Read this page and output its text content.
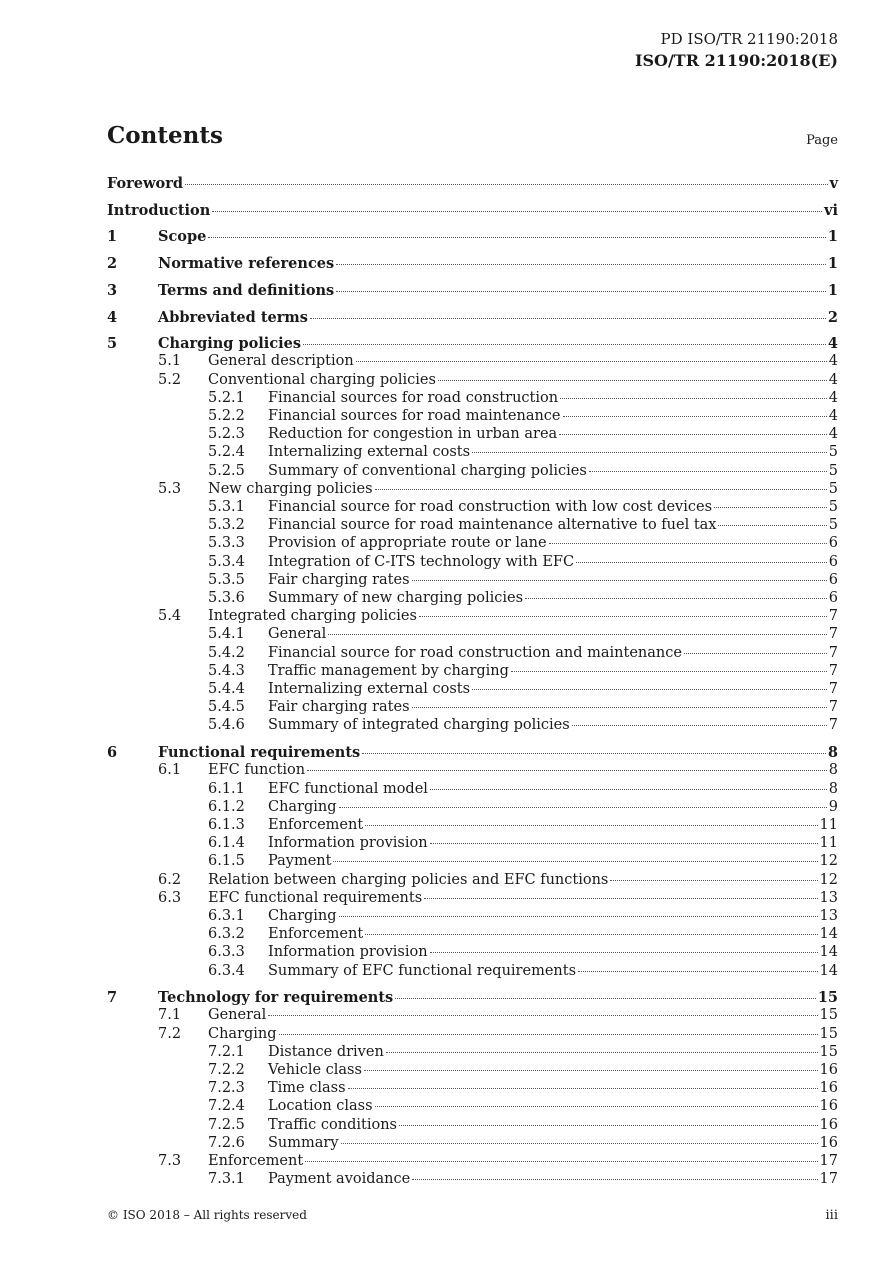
PD ISO/TR 21190:2018
ISO/TR 21190:2018(E)
Contents	Page
Foreword	v
Introduction	vi
1	Scope	1
2	Normative references	1
3	Terms and definitions	1
4	Abbreviated terms	2
5	Charging policies	4
5.1 General description	4
5.2 Conventional charging policies	4
5.2.1 Financial sources for road construction	4
5.2.2 Financial sources for road maintenance	4
5.2.3 Reduction for congestion in urban area	4
5.2.4 Internalizing external costs	5
5.2.5 Summary of conventional charging policies	5
5.3 New charging policies	5
5.3.1 Financial source for road construction with low cost devices	5
5.3.2 Financial source for road maintenance alternative to fuel tax	5
5.3.3 Provision of appropriate route or lane	6
5.3.4 Integration of C-ITS technology with EFC	6
5.3.5 Fair charging rates	6
5.3.6 Summary of new charging policies	6
5.4 Integrated charging policies	7
5.4.1 General	7
5.4.2 Financial source for road construction and maintenance	7
5.4.3 Traffic management by charging	7
5.4.4 Internalizing external costs	7
5.4.5 Fair charging rates	7
5.4.6 Summary of integrated charging policies	7
6	Functional requirements	8
6.1 EFC function	8
6.1.1 EFC functional model	8
6.1.2 Charging	9
6.1.3 Enforcement	11
6.1.4 Information provision	11
6.1.5 Payment	12
6.2 Relation between charging policies and EFC functions	12
6.3 EFC functional requirements	13
6.3.1 Charging	13
6.3.2 Enforcement	14
6.3.3 Information provision	14
6.3.4 Summary of EFC functional requirements	14
7	Technology for requirements	15
7.1 General	15
7.2 Charging	15
7.2.1 Distance driven	15
7.2.2 Vehicle class	16
7.2.3 Time class	16
7.2.4 Location class	16
7.2.5 Traffic conditions	16
7.2.6 Summary	16
7.3 Enforcement	17
7.3.1 Payment avoidance	17
© ISO 2018 – All rights reserved	iii
